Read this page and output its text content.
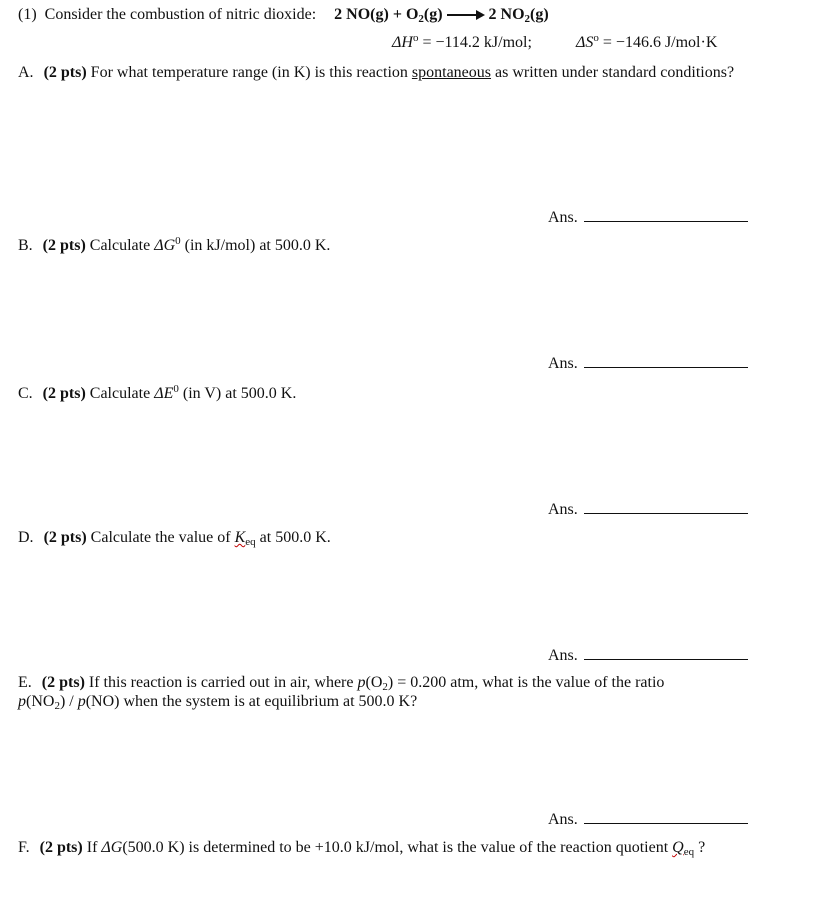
(1) Consider the combustion of nitric dioxide: 2 $NO(g) + O_2(g)$	2 $NO_2(g)$
$\Delta H^o = -114.2$ kJ/mol;	$\Delta S^o = -146.6$ J/mol·K
A. (2 pts) For what temperature range (in K) is this reaction spontaneous as written under standard conditions?
Ans.
B. (2 pts) Calculate $\Delta G^0$ (in kJ/mol) at 500.0 K.
Ans.
C. (2 pts) Calculate $\Delta E^0$ (in V) at 500.0 K.
Ans.
D. (2 pts) Calculate the value of $K_{eq}$ at 500.0 K.
Ans.
E. (2 pts) If this reaction is carried out in air, where $p(O_2) = 0.200$ atm, what is the value of the ratio
$p(NO_2) / p(NO)$ when the system is at equilibrium at 500.0 K?
Ans.
F. (2 pts) If ΔG(500.0 K) is determined to be +10.0 kJ/mol, what is the value of the reaction quotient $Q_{eq}$ ?
